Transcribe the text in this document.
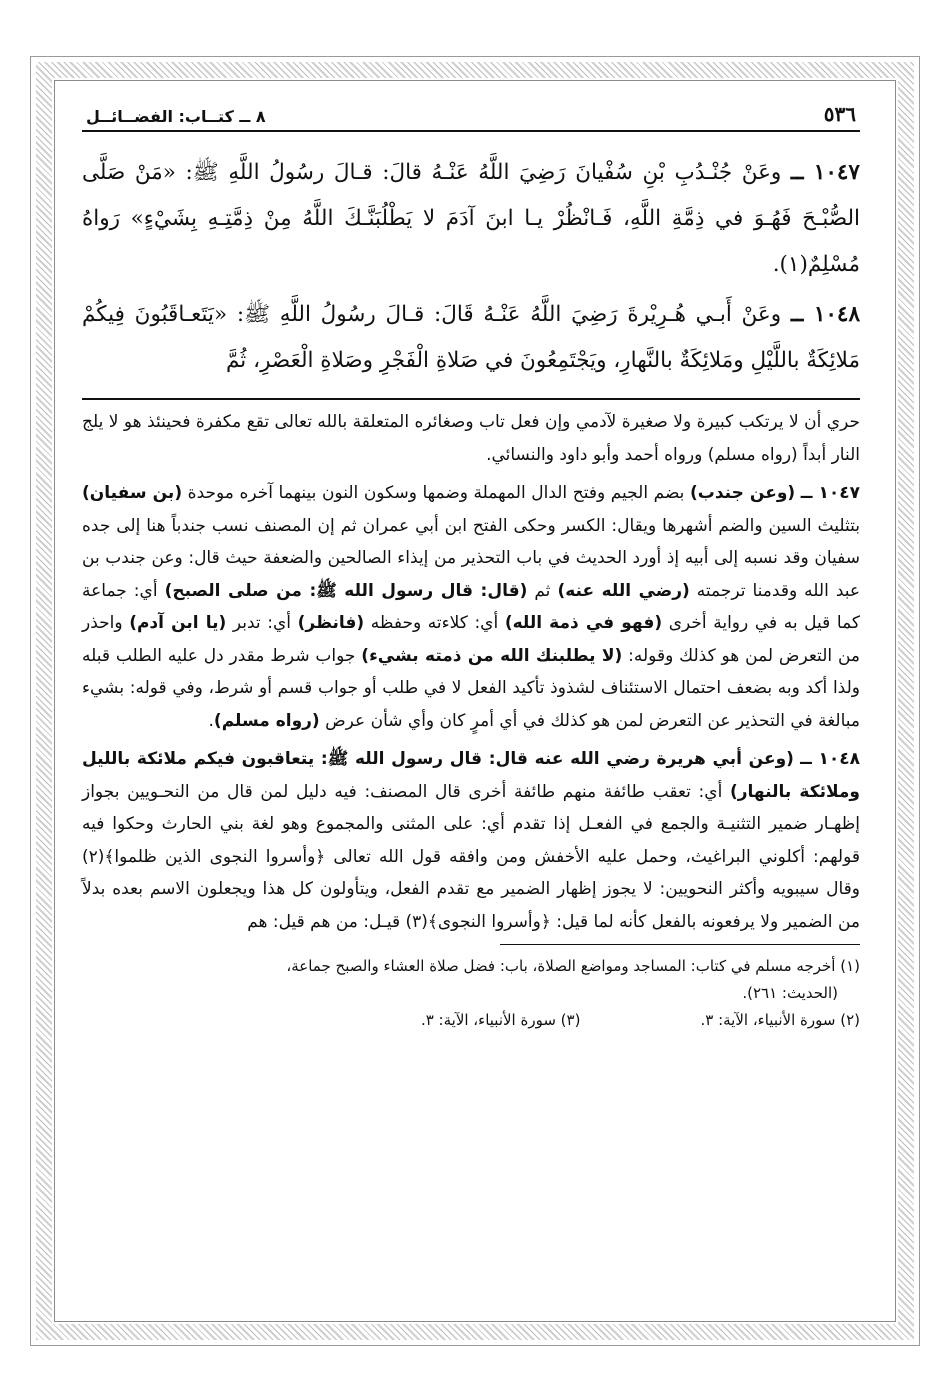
٥٣٦
٨ ــ كتــاب: الفضــائــل

١٠٤٧ ــ وعَنْ جُنْـدُبِ بْنِ سُفْيانَ رَضِيَ اللَّهُ عَنْـهُ قالَ: قـالَ رسُولُ اللَّهِ ﷺ: «مَنْ صَلَّى الصُّبْـحَ فَهُـوَ في ذِمَّةِ اللَّهِ، فَـانْظُرْ يـا ابنَ آدَمَ لا يَطْلُبَنَّـكَ اللَّهُ مِنْ ذِمَّتِـهِ بِشَيْءٍ» رَواهُ مُسْلِمٌ(١).

١٠٤٨ ــ وعَنْ أَبـي هُـرِيْرةَ رَضِيَ اللَّهُ عَنْـهُ قَالَ: قـالَ رسُولُ اللَّهِ ﷺ: «يَتَعـاقَبُونَ فِيكُمْ مَلائِكَةٌ باللَّيْلِ ومَلائِكَةٌ بالنَّهارِ، ويَجْتَمِعُونَ في صَلاةِ الْفَجْرِ وصَلاةِ الْعَصْرِ، ثُمَّ

حري أن لا يرتكب كبيرة ولا صغيرة لآدمي وإن فعل تاب وصغائره المتعلقة بالله تعالى تقع مكفرة فحينئذ هو لا يلج النار أبداً (رواه مسلم) ورواه أحمد وأبو داود والنسائي.

١٠٤٧ ــ (وعن جندب) بضم الجيم وفتح الدال المهملة وضمها وسكون النون بينهما آخره موحدة (بن سفيان) بتثليث السين والضم أشهرها ويقال: الكسر وحكى الفتح ابن أبي عمران ثم إن المصنف نسب جندباً هنا إلى جده سفيان وقد نسبه إلى أبيه إذ أورد الحديث في باب التحذير من إيذاء الصالحين والضعفة حيث قال: وعن جندب بن عبد الله وقدمنا ترجمته (رضي الله عنه) ثم (قال: قال رسول الله ﷺ: من صلى الصبح) أي: جماعة كما قيل به في رواية أخرى (فهو في ذمة الله) أي: كلاءته وحفظه (فانظر) أي: تدبر (يا ابن آدم) واحذر من التعرض لمن هو كذلك وقوله: (لا يطلبنك الله من ذمته بشيء) جواب شرط مقدر دل عليه الطلب قبله ولذا أكد وبه بضعف احتمال الاستئناف لشذوذ تأكيد الفعل لا في طلب أو جواب قسم أو شرط، وفي قوله: بشيء مبالغة في التحذير عن التعرض لمن هو كذلك في أي أمرٍ كان وأي شأن عرض (رواه مسلم).

١٠٤٨ ــ (وعن أبي هريرة رضي الله عنه قال: قال رسول الله ﷺ: يتعاقبون فيكم ملائكة بالليل وملائكة بالنهار) أي: تعقب طائفة منهم طائفة أخرى قال المصنف: فيه دليل لمن قال من النحـويين بجواز إظهـار ضمير التثنيـة والجمع في الفعـل إذا تقدم أي: على المثنى والمجموع وهو لغة بني الحارث وحكوا فيه قولهم: أكلوني البراغيث، وحمل عليه الأخفش ومن وافقه قول الله تعالى ﴿وأسروا النجوى الذين ظلموا﴾(٢) وقال سيبويه وأكثر النحويين: لا يجوز إظهار الضمير مع تقدم الفعل، ويتأولون كل هذا ويجعلون الاسم بعده بدلاً من الضمير ولا يرفعونه بالفعل كأنه لما قيل: ﴿وأسروا النجوى﴾(٣) قيـل: من هم قيل: هم

(١) أخرجه مسلم في كتاب: المساجد ومواضع الصلاة، باب: فضل صلاة العشاء والصبح جماعة،

(الحديث: ٢٦١).

(٢) سورة الأنبياء، الآية: ٣.
(٣) سورة الأنبياء، الآية: ٣.
